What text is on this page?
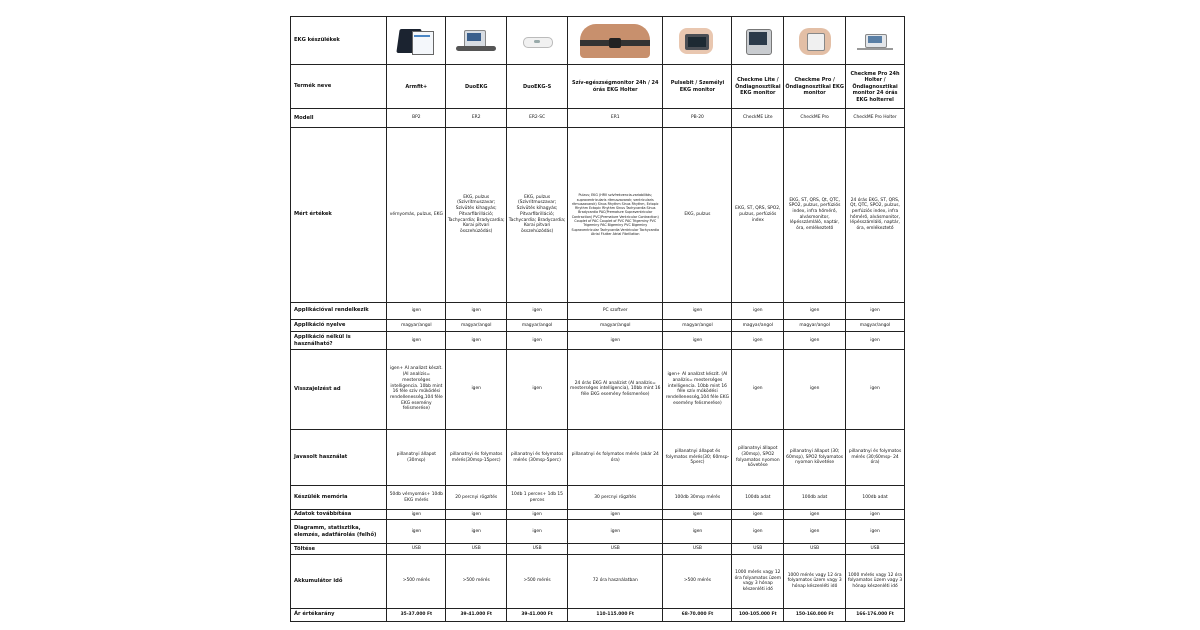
EKG készülékek	

Termék neve	Armfit+	DuoEKG	DuoEKG-S	Szív-egészségmonitor 24h / 24 órás EKG Holter	Pulsebit / Személyi EKG monitor	Checkme Lite / Öndiagnosztikai EKG monitor	Checkme Pro / Öndiagnosztikai EKG monitor	Checkme Pro 24h Holter / Öndiagnosztikai monitor 24 órás EKG holterrel
Modell	BP2	ER2	ER2-SC	ER1	PB-20	CheckME Lite	CheckME Pro	CheckME Pro Holter
Mért értékek	vérnyomás, pulzus, EKG	EKG, pulzus (Szívritmuszavar; Szívütés kihagyás; Pitvarfibrilláció; Tachycardia; Bradycardia; Korai pitvari összehúzódás)	EKG, pulzus (Szívritmuszavar; Szívütés kihagyás; Pitvarfibrilláció; Tachycardia; Bradycardia; Korai pitvari összehúzódás)	Pulzus; EKG (HRV szívfrekvencia-variabilitás; supraventricularis ritmuszavarok; ventricularis ritmuszavarok) Sinus Rhythm Sinus Rhythm, Ectopic Rhythm Ectopic Rhythm Sinus Tachycardia Sinus Bradycardia PAC(Premature Supraventricular Contraction) PVC(Premature Ventricular Contraction) Couplet of PAC Couplet of PVC PAC Trigeminy PVC Trigeminy PAC Bigeminy PVC Bigeminy Supraventricular Tachycardia Ventricular Tachycardia Atrial Flutter Atrial Fibrillation	EKG, pulzus	EKG, ST, QRS, SPO2, pulzus, perfúziós index	EKG, ST, QRS, Qt, QTC, SPO2, pulzus, perfúziós index, infra hőmérő, alvásmonitor, lépésszámláló, naptár, óra, emlékeztető	24 órás EKG, ST, QRS, Qt, QTC, SPO2, pulzus, perfúziós index, infra hőmérő, alvásmonitor, lépésszámláló, naptár, óra, emlékeztető
Applikációval rendelkezik	igen	igen	igen	PC szoftver	igen	igen	igen	igen
Applikáció nyelve	magyar/angol	magyar/angol	magyar/angol	magyar/angol	magyar/angol	magyar/angol	magyar/angol	magyar/angol
Applikáció nélkül is használható?	igen	igen	igen	igen	igen	igen	igen	igen
Visszajelzést ad	igen+ AI analízst készít. (AI analízis= mesterséges intelligencia. 10bb mint 16 féle szív működési rendellenesség,104 féle EKG esemény felismerése)	igen	igen	24 órás EKG AI analízist (AI analízis= mesterséges intelligencia), 10bb mint 16 féle EKG esemény felismerése)	igen+ AI analízst készít. (AI analízis= mesterséges intelligencia. 10bb mint 16 féle szív működési rendellenesség,104 féle EKG esemény felismerése)	igen	igen	igen
Javasolt használat	pillanatnyi állapot (30msp)	pillanatnyi és folymatos mérés(30msp-15perc)	pillanatnyi és folymatos mérés (30msp-5perc)	pillanatnyi és folymatos mérés (akár 24 óra)	pillanatnyi állapot és folymatos mérés(30; 60msp-5perc)	pillanatnyi állapot (30msp), SPO2 folyamatos nyomon követése	pillanatnyi állapot (30; 60msp), SPO2 folyamatos nyomon követése	pillanatnyi és folymatos mérés (30;60msp- 24 óra)
Készülék memória	50db vérnyomás+ 10db EKG mérés	20 percnyi rögzítés	10db 1 perces+ 1db 15 perces	30 percnyi rögzítés	100db 30msp mérés	100db adat	100db adat	100db adat
Adatok továbbítása	igen	igen	igen	igen	igen	igen	igen	igen
Diagramm, statisztika, elemzés, adatfárolás (felhő)	igen	igen	igen	igen	igen	igen	igen	igen
Töltése	USB	USB	USB	USB	USB	USB	USB	USB
Akkumulátor idő	>500 mérés	>500 mérés	>500 mérés	72 óra használatban	>500 mérés	1000 mérés vagy 12 óra folyamatos üzem vagy 3 hónap készenléti idő	1000 mérés vagy 12 óra folyamatos üzem vagy 3 hónap készenléti idő	1000 mérés vagy 12 óra folyamatos üzem vagy 3 hónap készenléti idő
Ár értékarány	35-37.000 Ft	39-41.000 Ft	39-41.000 Ft	110-115.000 Ft	68-70.000 Ft	100-105.000 Ft	150-160.000 Ft	166-176.000 Ft
